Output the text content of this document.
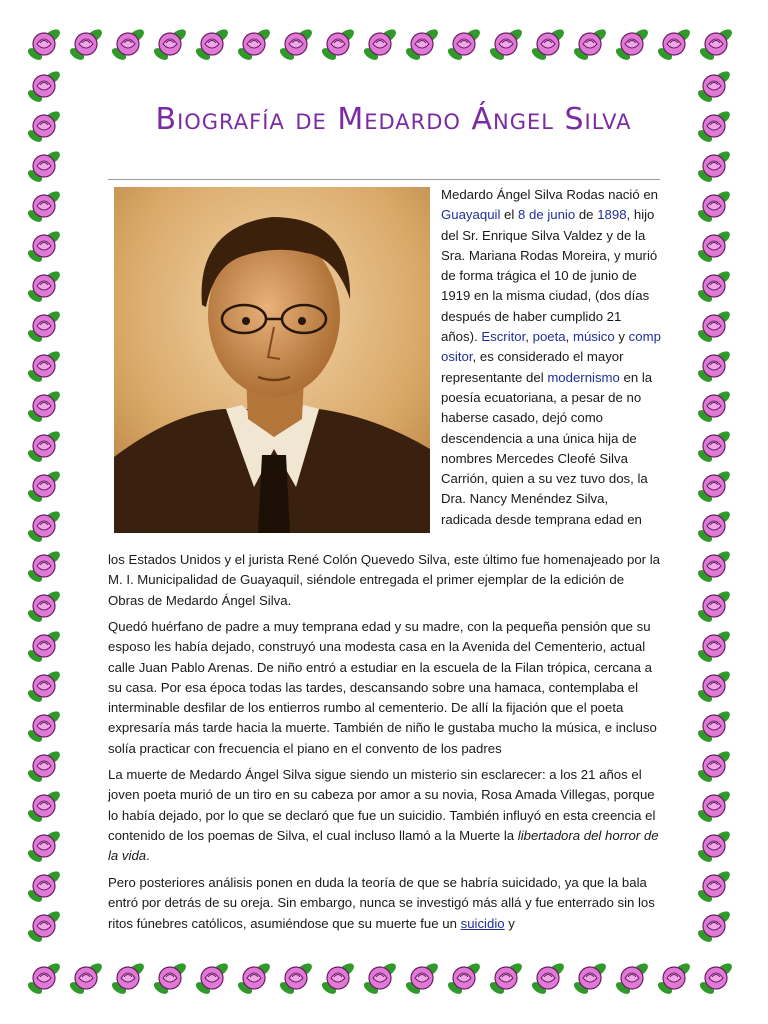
Biografía de Medardo Ángel Silva

Medardo Ángel Silva Rodas nació en Guayaquil el 8 de junio de 1898, hijo del Sr. Enrique Silva Valdez y de la Sra. Mariana Rodas Moreira, y murió de forma trágica el 10 de junio de 1919 en la misma ciudad, (dos días después de haber cumplido 21 años). Escritor, poeta, músico y compositor, es considerado el mayor representante del modernismo en la poesía ecuatoriana, a pesar de no haberse casado, dejó como descendencia a una única hija de nombres Mercedes Cleofé Silva Carrión, quien a su vez tuvo dos, la Dra. Nancy Menéndez Silva, radicada desde temprana edad en

los Estados Unidos y el jurista René Colón Quevedo Silva, este último fue homenajeado por la M. I. Municipalidad de Guayaquil, siéndole entregada el primer ejemplar de la edición de Obras de Medardo Ángel Silva.

Quedó huérfano de padre a muy temprana edad y su madre, con la pequeña pensión que su esposo les había dejado, construyó una modesta casa en la Avenida del Cementerio, actual calle Juan Pablo Arenas. De niño entró a estudiar en la escuela de la Filan trópica, cercana a su casa. Por esa época todas las tardes, descansando sobre una hamaca, contemplaba el interminable desfilar de los entierros rumbo al cementerio. De allí la fijación que el poeta expresaría más tarde hacia la muerte. También de niño le gustaba mucho la música, e incluso solía practicar con frecuencia el piano en el convento de los padres

La muerte de Medardo Ángel Silva sigue siendo un misterio sin esclarecer: a los 21 años el joven poeta murió de un tiro en su cabeza por amor a su novia, Rosa Amada Villegas, porque lo había dejado, por lo que se declaró que fue un suicidio. También influyó en esta creencia el contenido de los poemas de Silva, el cual incluso llamó a la Muerte la libertadora del horror de la vida.

Pero posteriores análisis ponen en duda la teoría de que se habría suicidado, ya que la bala entró por detrás de su oreja. Sin embargo, nunca se investigó más allá y fue enterrado sin los ritos fúnebres católicos, asumiéndose que su muerte fue un suicidio y
